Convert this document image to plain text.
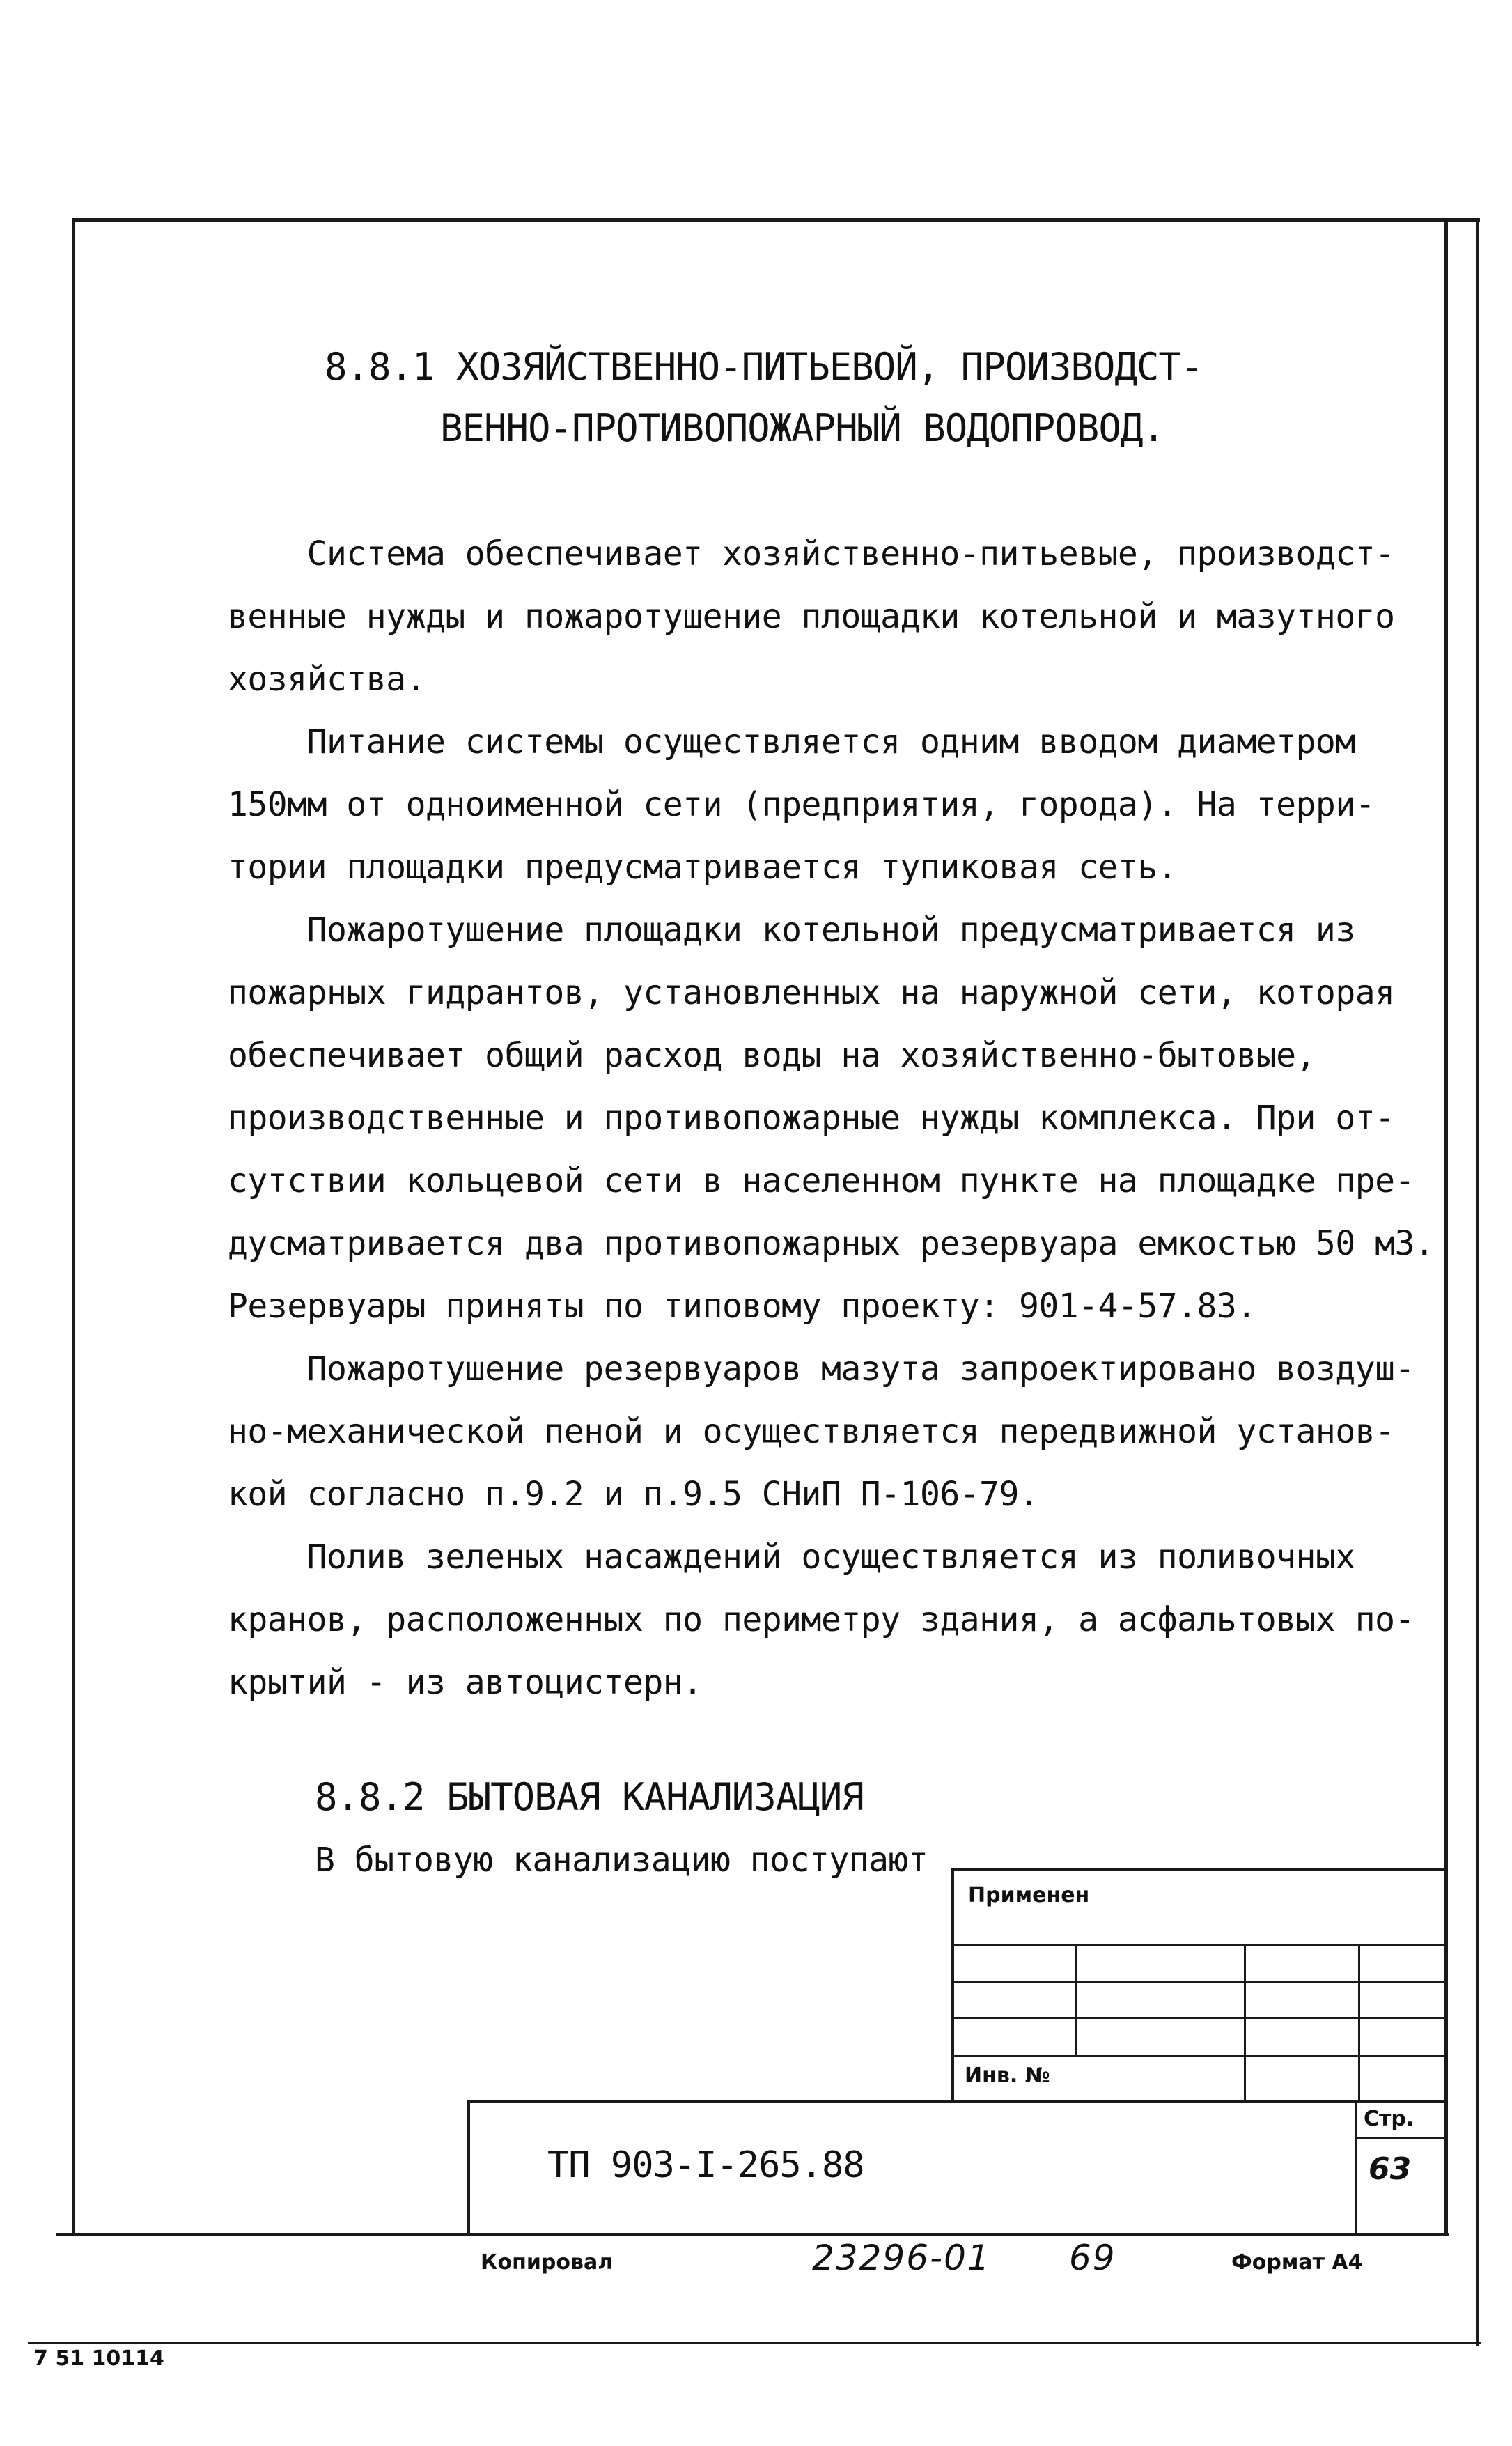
8.8.1 ХОЗЯЙСТВЕННО-ПИТЬЕВОЙ, ПРОИЗВОДСТ-
ВЕННО-ПРОТИВОПОЖАРНЫЙ ВОДОПРОВОД.
Система обеспечивает хозяйственно-питьевые, производст-
венные нужды и пожаротушение площадки котельной и мазутного
хозяйства.
Питание системы осуществляется одним вводом диаметром
150мм от одноименной сети (предприятия, города). На терри-
тории площадки предусматривается тупиковая сеть.
Пожаротушение площадки котельной предусматривается из
пожарных гидрантов, установленных на наружной сети, которая
обеспечивает общий расход воды на хозяйственно-бытовые,
производственные и противопожарные нужды комплекса. При от-
сутствии кольцевой сети в населенном пункте на площадке пре-
дусматривается два противопожарных резервуара емкостью 50 м3.
Резервуары приняты по типовому проекту: 901-4-57.83.
Пожаротушение резервуаров мазута запроектировано воздуш-
но-механической пеной и осуществляется передвижной установ-
кой согласно п.9.2 и п.9.5 СНиП П-106-79.
Полив зеленых насаждений осуществляется из поливочных
кранов, расположенных по периметру здания, а асфальтовых по-
крытий - из автоцистерн.
8.8.2 БЫТОВАЯ КАНАЛИЗАЦИЯ
В бытовую канализацию поступают
Применен
Инв. №
ТП 903-I-265.88
Стр.
63
Копировал	23296-01 69	Формат А4
7 51 10114
